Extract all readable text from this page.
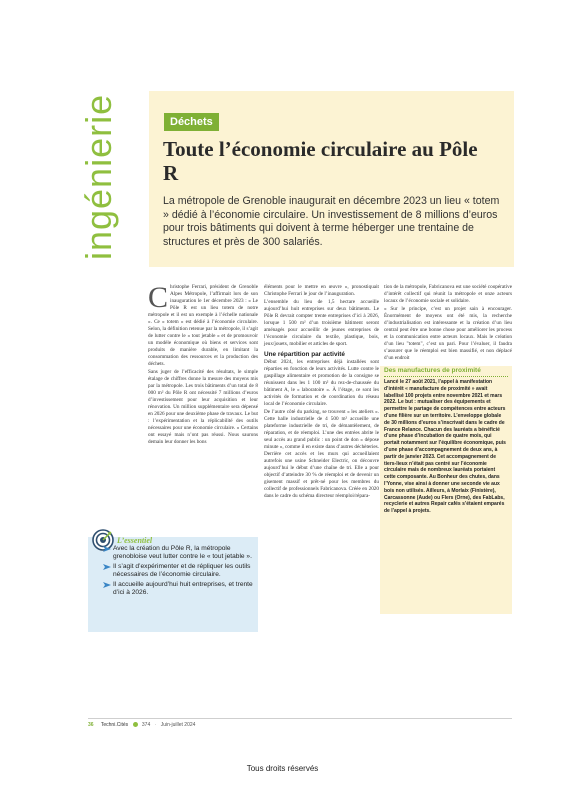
ingénierie	Déchets
Toute l’économie circulaire au Pôle R

La métropole de Grenoble inaugurait en décembre 2023 un lieu « totem » dédié à l’économie circulaire. Un investissement de 8 millions d’euros pour trois bâtiments qui doivent à terme héberger une trentaine de structures et près de 300 salariés.

C hristophe Ferrari, président de Grenoble Alpes Métropole, l’affirmait lors de son inauguration le 1er décembre 2023 : « Le Pôle R est un lieu totem de notre métropole et il est un exemple à l’échelle nationale ». Ce « totem » est dédié à l’économie circulaire. Selon, la définition retenue par la métropole, il s’agit de lutter contre le « tout jetable » et de promouvoir un modèle économique où biens et services sont produits de manière durable, en limitant la consommation des ressources et la production des déchets.

Sans juger de l’efficacité des résultats, le simple étalage de chiffres donne la mesure des moyens mis par la métropole. Les trois bâtiments d’un total de 8 000 m² du Pôle R ont nécessité 7 millions d’euros d’investissement pour leur acquisition et leur rénovation. Un million supplémentaire sera dépensé en 2026 pour une deuxième phase de travaux. Le but : l’expérimentation et la réplicabilité des outils nécessaires pour une économie circulaire. « Certains ont essayé mais n’ont pas réussi. Nous saurons demain leur donner les bons

éléments pour le mettre en œuvre », pronostiquait Christophe Ferrari le jour de l’inauguration.

L’ensemble du lieu de 1,5 hectare accueille aujourd’hui huit entreprises sur deux bâtiments. Le Pôle R devrait compter trente entreprises d’ici à 2026, lorsque 1 500 m² d’un troisième bâtiment seront aménagés pour accueillir de jeunes entreprises de l’économie circulaire du textile, plastique, bois, jeux/jouets, mobilier et articles de sport.

Une répartition par activité

Début 2024, les entreprises déjà installées sont réparties en fonction de leurs activités. Lutte contre le gaspillage alimentaire et promotion de la consigne se réunissent dans les 1 100 m² du rez-de-chaussée du bâtiment A, le « laboratoire ». À l’étage, ce sont les activités de formation et de coordination du réseau local de l’économie circulaire.

De l’autre côté du parking, se trouvent « les ateliers ». Cette halle industrielle de 4 500 m² accueille une plateforme industrielle de tri, de démantèlement, de réparation, et de réemploi. L’une des entrées abrite le seul accès au grand public : un point de don « dépose minute », comme il en existe dans d’autres déchèteries. Derrière cet accès et les murs qui accueillaient autrefois une usine Schneider Electric, on découvre aujourd’hui le début d’une chaîne de tri. Elle a pour objectif d’atteindre 30 % de réemploi et de devenir un gisement massif et prêt-né pour les membres du collectif de professionnels Fabricanova. Créée en 2020 dans le cadre du schéma directeur réemploi/répara-

tion de la métropole, Fabricanova est une société coopérative d’intérêt collectif qui réunit la métropole et onze acteurs locaux de l’économie sociale et solidaire.

« Sur le principe, c’est un projet sain à encourager. Énormément de moyens ont été mis, la recherche d’industrialisation est intéressante et la création d’un lieu central peut être une bonne chose pour améliorer les process et la communication entre acteurs locaux. Mais le création d’un lieu "totem", c’est un pari. Pour l’évaluer, il faudra s’assurer que le réemploi est bien massifié, et non déplacé d’un endroit

Des manufactures de proximité
Lancé le 27 août 2021, l’appel à manifestation d’intérêt « manufacture de proximité » avait labellisé 100 projets entre novembre 2021 et mars 2022. Le but : mutualiser des équipements et permettre le partage de compétences entre acteurs d’une filière sur un territoire. L’enveloppe globale de 30 millions d’euros s’inscrivait dans le cadre de France Relance. Chacun des lauréats a bénéficié d’une phase d’incubation de quatre mois, qui portait notamment sur l’équilibre économique, puis d’une phase d’accompagnement de deux ans, à partir de janvier 2023. Cet accompagnement de tiers-lieux n’était pas centré sur l’économie circulaire mais de nombreux lauréats portaient cette composante. Au Bonheur des chutes, dans l’Yonne, vise ainsi à donner une seconde vie aux bois non utilisés. Ailleurs, à Morlaix (Finistère), Carcassonne (Aude) ou Flers (Orne), des FabLabs, recyclerie et autres Repair cafés s’étaient emparés de l’appel à projets.
L’essentiel
Avec la création du Pôle R, la métropole grenobloise veut lutter contre le « tout jetable ».
Il s’agit d’expérimenter et de répliquer les outils nécessaires de l’économie circulaire.
Il accueille aujourd’hui huit entreprises, et trente d’ici à 2026.
36 Techni.Cités	374 · Juin-juillet 2024
Tous droits réservés
